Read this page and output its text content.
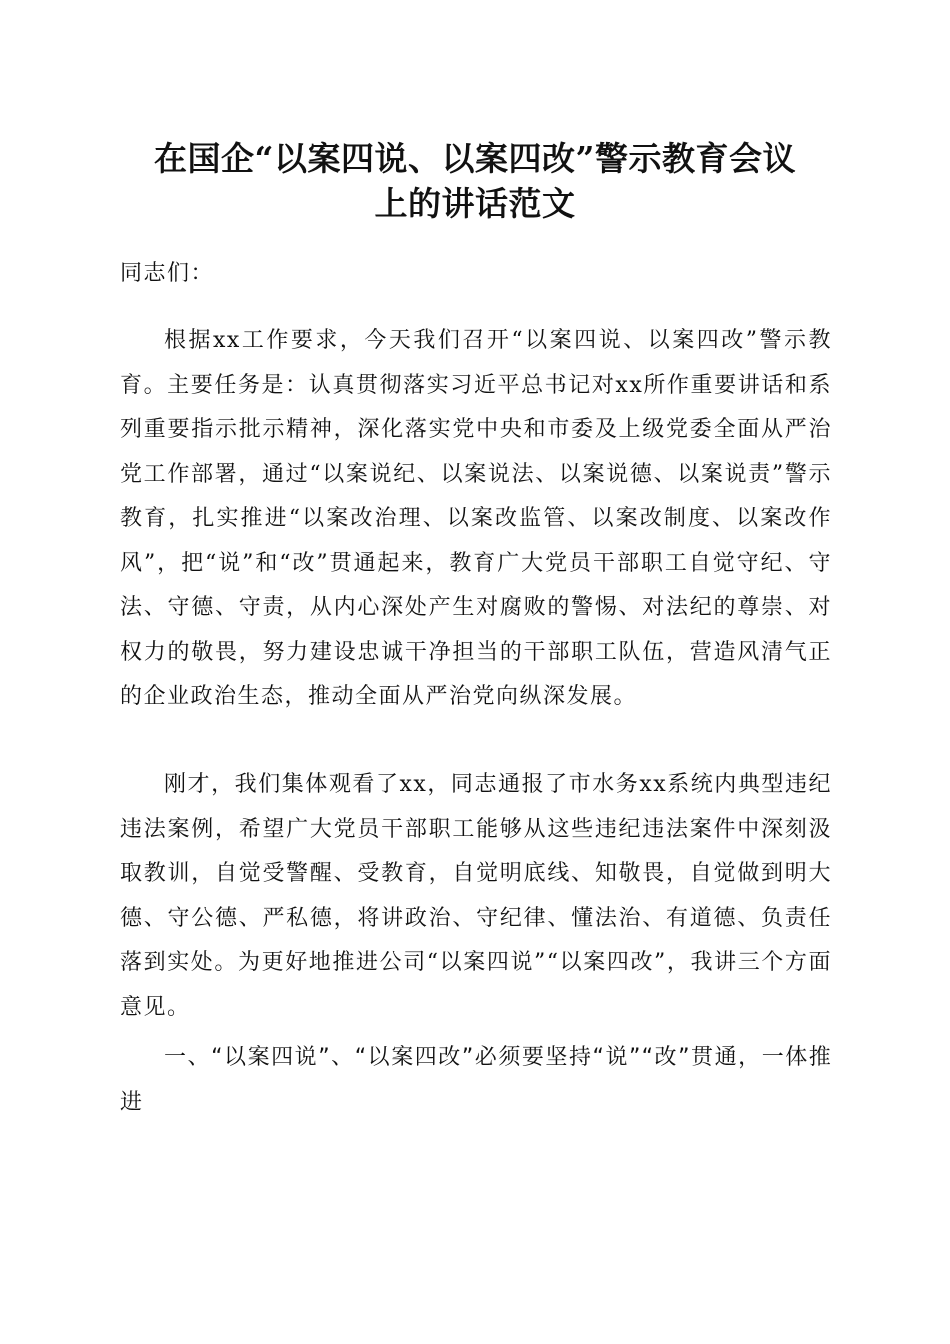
在国企“以案四说、以案四改”警示教育会议
上的讲话范文

同志们：

根据xx工作要求，今天我们召开“以案四说、以案四改”警示教育。主要任务是：认真贯彻落实习近平总书记对xx所作重要讲话和系列重要指示批示精神，深化落实党中央和市委及上级党委全面从严治党工作部署，通过“以案说纪、以案说法、以案说德、以案说责”警示教育，扎实推进“以案改治理、以案改监管、以案改制度、以案改作风”，把“说”和“改”贯通起来，教育广大党员干部职工自觉守纪、守法、守德、守责，从内心深处产生对腐败的警惕、对法纪的尊崇、对权力的敬畏，努力建设忠诚干净担当的干部职工队伍，营造风清气正的企业政治生态，推动全面从严治党向纵深发展。

刚才，我们集体观看了xx，同志通报了市水务xx系统内典型违纪违法案例，希望广大党员干部职工能够从这些违纪违法案件中深刻汲取教训，自觉受警醒、受教育，自觉明底线、知敬畏，自觉做到明大德、守公德、严私德，将讲政治、守纪律、懂法治、有道德、负责任落到实处。为更好地推进公司“以案四说”“以案四改”，我讲三个方面意见。

一、“以案四说”、“以案四改”必须要坚持“说”“改”贯通，一体推进
